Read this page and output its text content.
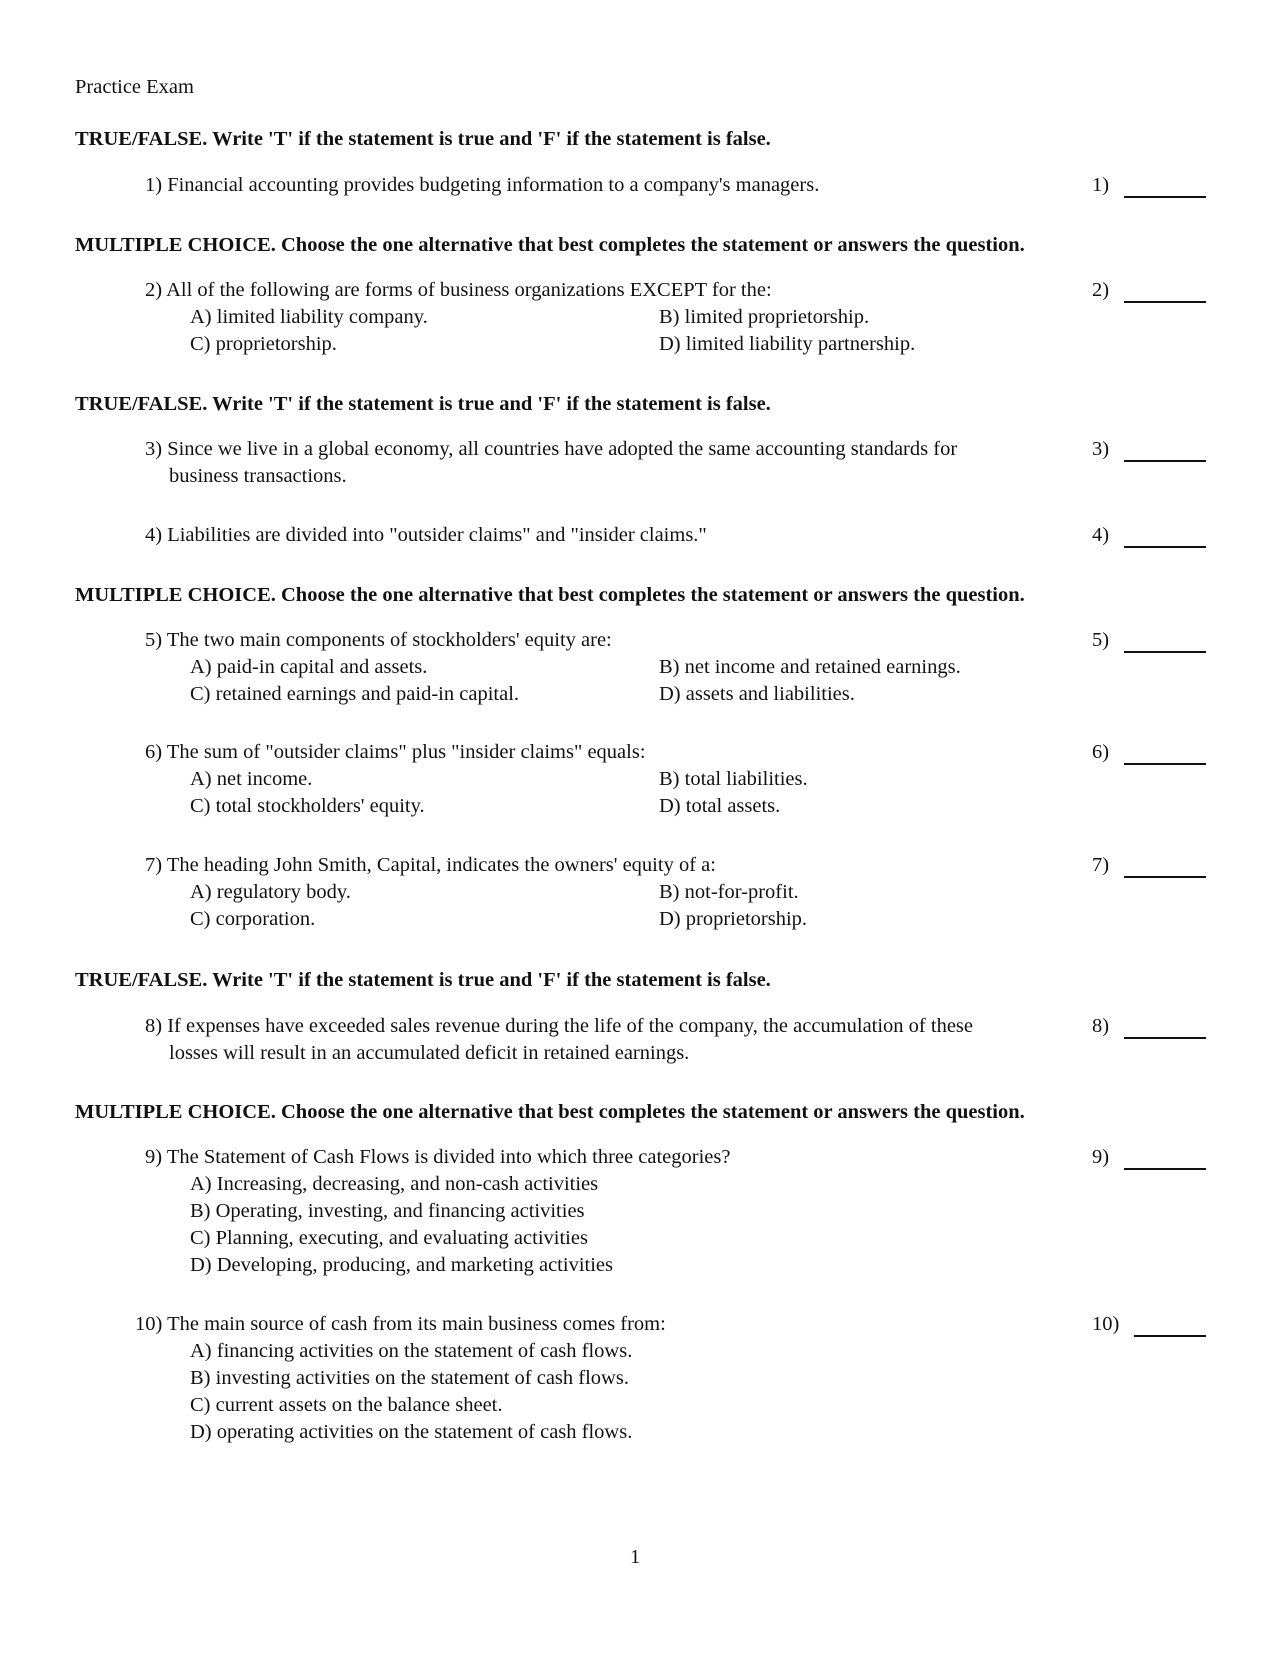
Practice Exam
TRUE/FALSE. Write 'T' if the statement is true and 'F' if the statement is false.
1) Financial accounting provides budgeting information to a company's managers.	1)
MULTIPLE CHOICE. Choose the one alternative that best completes the statement or answers the question.
2) All of the following are forms of business organizations EXCEPT for the:
A) limited liability company.	B) limited proprietorship.
C) proprietorship.	D) limited liability partnership.
2)
TRUE/FALSE. Write 'T' if the statement is true and 'F' if the statement is false.
3) Since we live in a global economy, all countries have adopted the same accounting standards for
business transactions.
3)
4) Liabilities are divided into "outsider claims" and "insider claims."	4)
MULTIPLE CHOICE. Choose the one alternative that best completes the statement or answers the question.
5) The two main components of stockholders' equity are:
A) paid-in capital and assets.	B) net income and retained earnings.
C) retained earnings and paid-in capital.	D) assets and liabilities.
5)
6) The sum of "outsider claims" plus "insider claims" equals:
A) net income.	B) total liabilities.
C) total stockholders' equity.	D) total assets.
6)
7) The heading John Smith, Capital, indicates the owners' equity of a:
A) regulatory body.	B) not-for-profit.
C) corporation.	D) proprietorship.
7)
TRUE/FALSE. Write 'T' if the statement is true and 'F' if the statement is false.
8) If expenses have exceeded sales revenue during the life of the company, the accumulation of these
losses will result in an accumulated deficit in retained earnings.
8)
MULTIPLE CHOICE. Choose the one alternative that best completes the statement or answers the question.
9) The Statement of Cash Flows is divided into which three categories?
A) Increasing, decreasing, and non-cash activities
B) Operating, investing, and financing activities
C) Planning, executing, and evaluating activities
D) Developing, producing, and marketing activities
9)
10) The main source of cash from its main business comes from:
A) financing activities on the statement of cash flows.
B) investing activities on the statement of cash flows.
C) current assets on the balance sheet.
D) operating activities on the statement of cash flows.
10)
1
